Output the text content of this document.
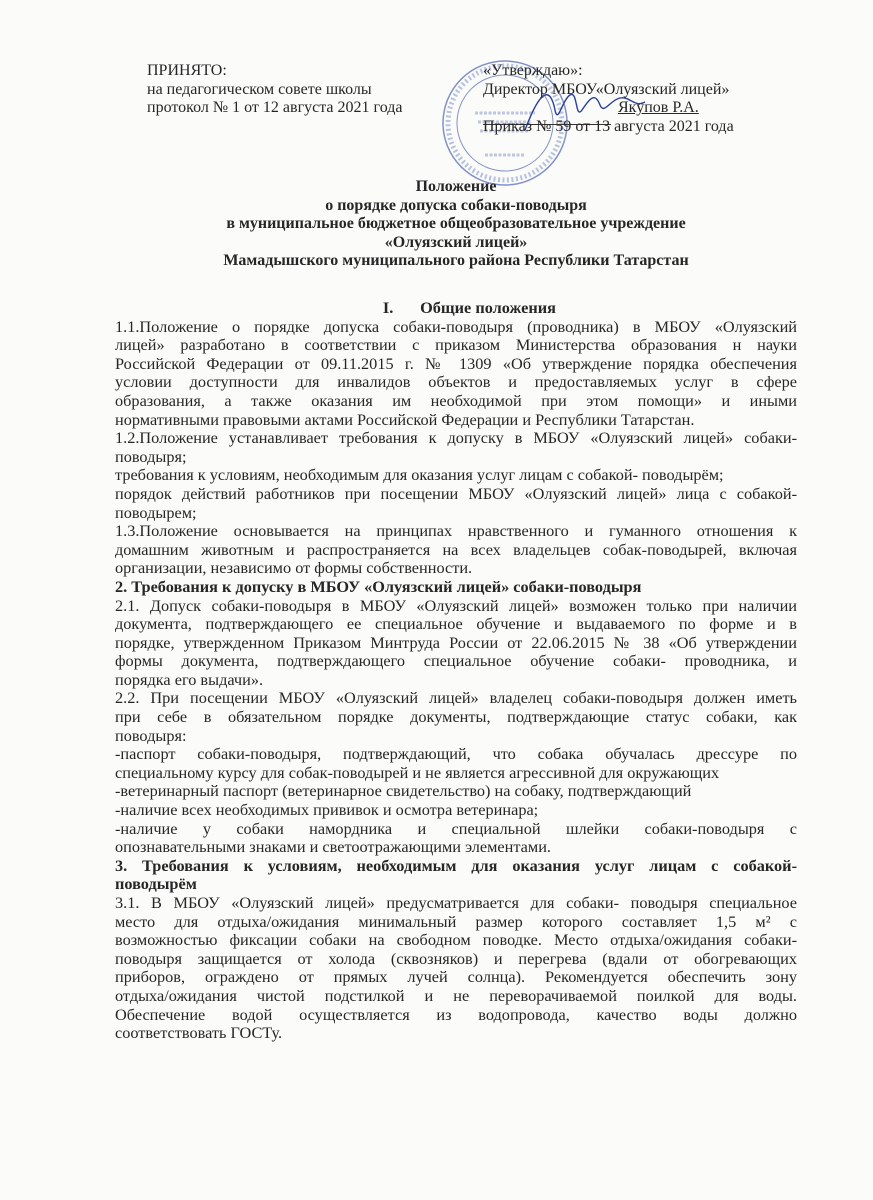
ПРИНЯТО:
на педагогическом совете школы
протокол № 1 от 12 августа 2021 года
«Утверждаю»:
Директор МБОУ«Олуязский лицей»
Якупов Р.А.
Приказ № 59 от 13 августа 2021 года
Положение
о порядке допуска собаки-поводыря
в муниципальное бюджетное общеобразовательное учреждение
«Олуязский лицей»
Мамадышского муниципального района Республики Татарстан
I. Общие положения
1.1.Положение о порядке допуска собаки-поводыря (проводника) в МБОУ «Олуязский
лицей» разработано в соответствии с приказом Министерства образования н науки
Российской Федерации от 09.11.2015 г. № 1309 «Об утверждение порядка обеспечения
условии доступности для инвалидов объектов и предоставляемых услуг в сфере
образования, а также оказания им необходимой при этом помощи» и иными
нормативными правовыми актами Российской Федерации и Республики Татарстан.
1.2.Положение устанавливает требования к допуску в МБОУ «Олуязский лицей» собаки-
поводыря;
требования к условиям, необходимым для оказания услуг лицам с собакой- поводырём;
порядок действий работников при посещении МБОУ «Олуязский лицей» лица с собакой-
поводырем;
1.3.Положение основывается на принципах нравственного и гуманного отношения к
домашним животным и распространяется на всех владельцев собак-поводырей, включая
организации, независимо от формы собственности.
2. Требования к допуску в МБОУ «Олуязский лицей» собаки-поводыря
2.1. Допуск собаки-поводыря в МБОУ «Олуязский лицей» возможен только при наличии
документа, подтверждающего ее специальное обучение и выдаваемого по форме и в
порядке, утвержденном Приказом Минтруда России от 22.06.2015 № 38 «Об утверждении
формы документа, подтверждающего специальное обучение собаки- проводника, и
порядка его выдачи».
2.2. При посещении МБОУ «Олуязский лицей» владелец собаки-поводыря должен иметь
при себе в обязательном порядке документы, подтверждающие статус собаки, как
поводыря:
-паспорт собаки-поводыря, подтверждающий, что собака обучалась дрессуре по
специальному курсу для собак-поводырей и не является агрессивной для окружающих
-ветеринарный паспорт (ветеринарное свидетельство) на собаку, подтверждающий
-наличие всех необходимых прививок и осмотра ветеринара;
-наличие у собаки намордника и специальной шлейки собаки-поводыря с
опознавательными знаками и светоотражающими элементами.
3. Требования к условиям, необходимым для оказания услуг лицам с собакой-
поводырём
3.1. В МБОУ «Олуязский лицей» предусматривается для собаки- поводыря специальное
место для отдыха/ожидания минимальный размер которого составляет 1,5 м² с
возможностью фиксации собаки на свободном поводке. Место отдыха/ожидания собаки-
поводыря защищается от холода (сквозняков) и перегрева (вдали от обогревающих
приборов, ограждено от прямых лучей солнца). Рекомендуется обеспечить зону
отдыха/ожидания чистой подстилкой и не переворачиваемой поилкой для воды.
Обеспечение водой осуществляется из водопровода, качество воды должно
соответствовать ГОСТу.
